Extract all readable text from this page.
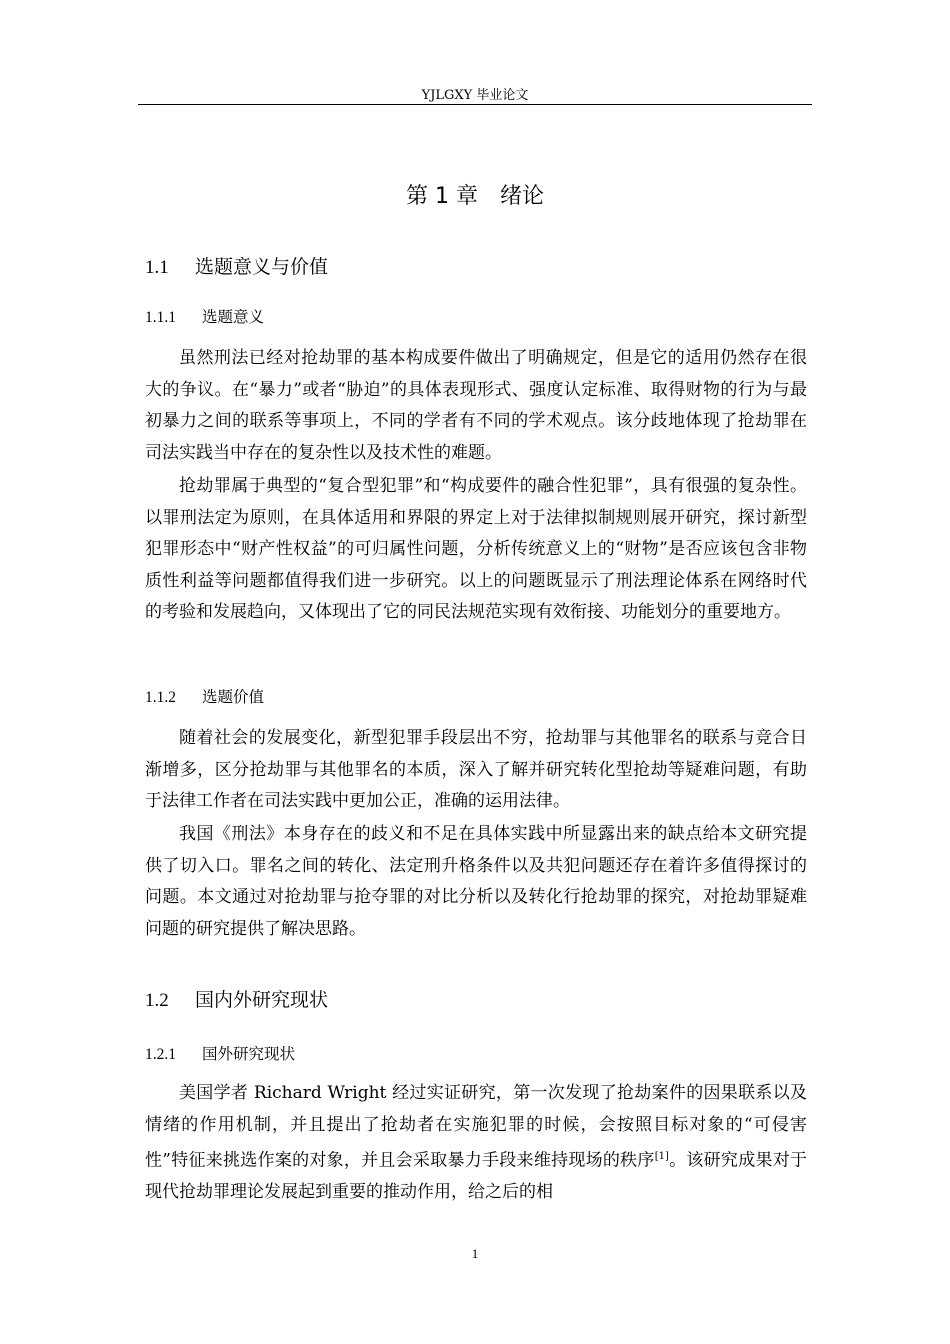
YJLGXY 毕业论文
第 1 章　绪论
1.1 选题意义与价值
1.1.1 选题意义

虽然刑法已经对抢劫罪的基本构成要件做出了明确规定，但是它的适用仍然存在很大的争议。在“暴力”或者“胁迫”的具体表现形式、强度认定标准、取得财物的行为与最初暴力之间的联系等事项上，不同的学者有不同的学术观点。该分歧地体现了抢劫罪在司法实践当中存在的复杂性以及技术性的难题。

抢劫罪属于典型的“复合型犯罪”和“构成要件的融合性犯罪”，具有很强的复杂性。以罪刑法定为原则，在具体适用和界限的界定上对于法律拟制规则展开研究，探讨新型犯罪形态中“财产性权益”的可归属性问题，分析传统意义上的“财物”是否应该包含非物质性利益等问题都值得我们进一步研究。以上的问题既显示了刑法理论体系在网络时代的考验和发展趋向，又体现出了它的同民法规范实现有效衔接、功能划分的重要地方。

1.1.2 选题价值

随着社会的发展变化，新型犯罪手段层出不穷，抢劫罪与其他罪名的联系与竞合日渐增多，区分抢劫罪与其他罪名的本质，深入了解并研究转化型抢劫等疑难问题，有助于法律工作者在司法实践中更加公正，准确的运用法律。

我国《刑法》本身存在的歧义和不足在具体实践中所显露出来的缺点给本文研究提供了切入口。罪名之间的转化、法定刑升格条件以及共犯问题还存在着许多值得探讨的问题。本文通过对抢劫罪与抢夺罪的对比分析以及转化行抢劫罪的探究，对抢劫罪疑难问题的研究提供了解决思路。

1.2 国内外研究现状
1.2.1 国外研究现状

美国学者 Richard Wright 经过实证研究，第一次发现了抢劫案件的因果联系以及情绪的作用机制，并且提出了抢劫者在实施犯罪的时候，会按照目标对象的“可侵害性”特征来挑选作案的对象，并且会采取暴力手段来维持现场的秩序[1]。该研究成果对于现代抢劫罪理论发展起到重要的推动作用，给之后的相

1
